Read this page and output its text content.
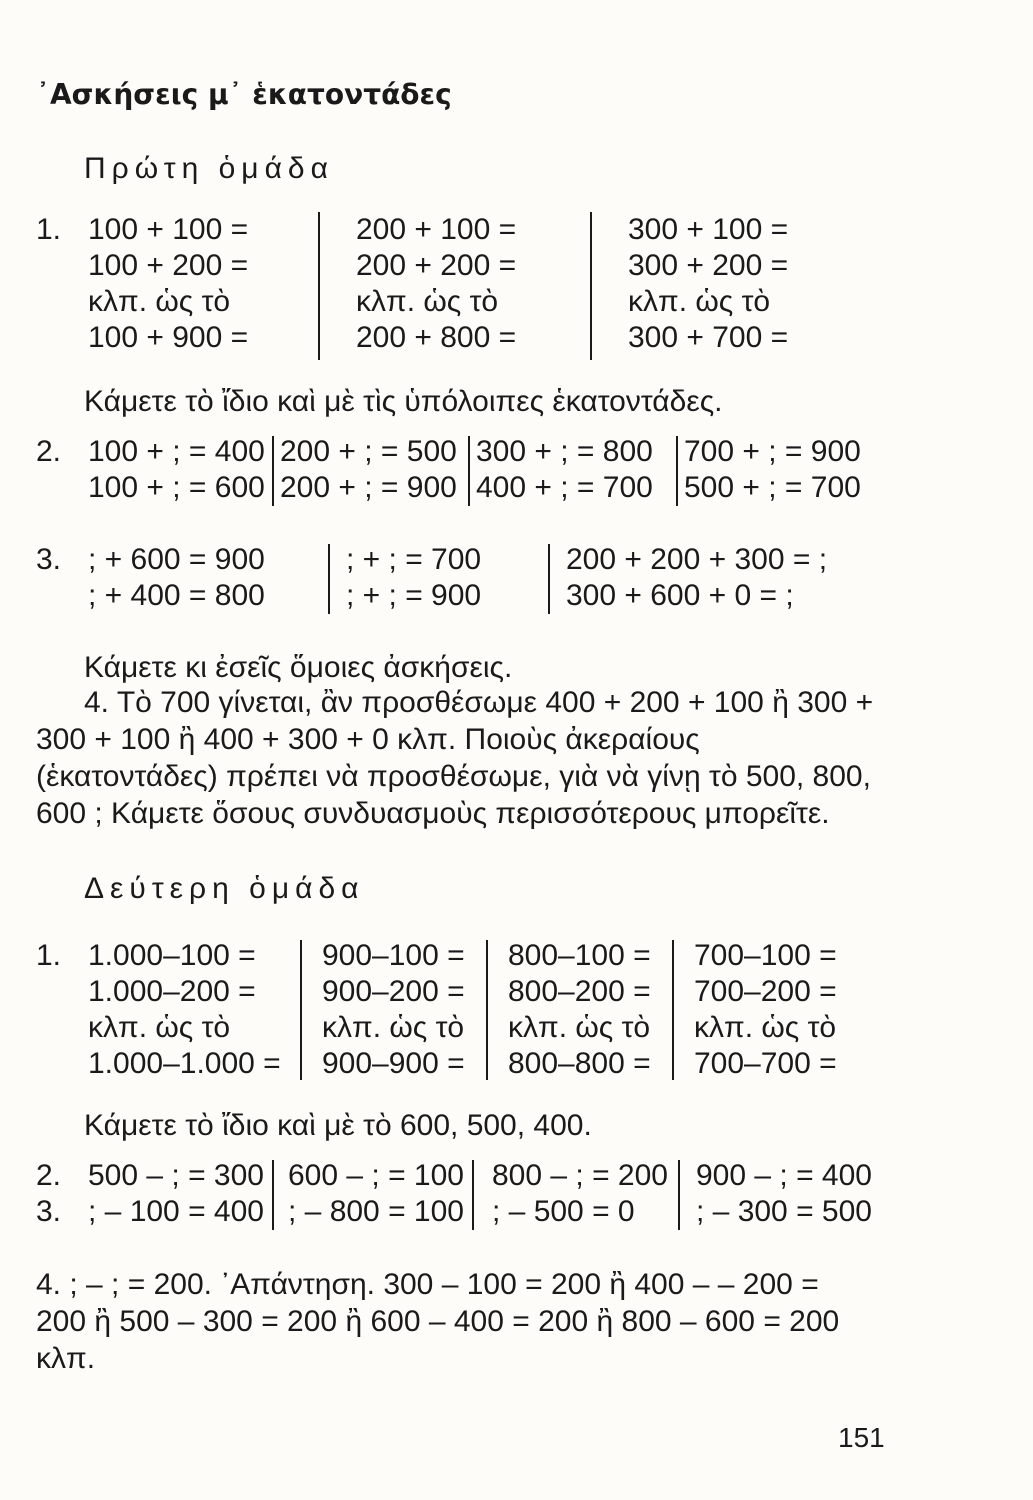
᾿Ασκήσεις μ᾿ ἑκατοντάδες
Πρώτη ὁμάδα
1. 100 + 100 =
100 + 200 =
κλπ. ὡς τὸ
100 + 900 =
200 + 100 =
200 + 200 =
κλπ. ὡς τὸ
200 + 800 =
300 + 100 =
300 + 200 =
κλπ. ὡς τὸ
300 + 700 =
Κάμετε τὸ ἴδιο καὶ μὲ τὶς ὑπόλοιπες ἑκατοντάδες.
2. 100 + ; = 400
100 + ; = 600
200 + ; = 500
200 + ; = 900
300 + ; = 800
400 + ; = 700
700 + ; = 900
500 + ; = 700
3. ; + 600 = 900
; + 400 = 800
; + ; = 700
; + ; = 900
200 + 200 + 300 = ;
300 + 600 + 0 = ;
Κάμετε κι ἐσεῖς ὅμοιες ἀσκήσεις.
4. Τὸ 700 γίνεται, ἂν προσθέσωμε 400 + 200 + 100 ἢ 300 + 300 + 100 ἢ 400 + 300 + 0 κλπ. Ποιοὺς ἀκεραίους (ἑκατοντάδες) πρέπει νὰ προσθέσωμε, γιὰ νὰ γίνῃ τὸ 500, 800, 600 ; Κάμετε ὅσους συνδυασμοὺς περισσότερους μπορεῖτε.
Δεύτερη ὁμάδα
1. 1.000–100 =
1.000–200 =
κλπ. ὡς τὸ
1.000–1.000 =
900–100 =
900–200 =
κλπ. ὡς τὸ
900–900 =
800–100 =
800–200 =
κλπ. ὡς τὸ
800–800 =
700–100 =
700–200 =
κλπ. ὡς τὸ
700–700 =
Κάμετε τὸ ἴδιο καὶ μὲ τὸ 600, 500, 400.
2.
3.
500 – ; = 300
; – 100 = 400
600 – ; = 100
; – 800 = 100
800 – ; = 200
; – 500 = 0
900 – ; = 400
; – 300 = 500
4. ; – ; = 200. ᾿Απάντηση. 300 – 100 = 200 ἢ 400 – – 200 = 200 ἢ 500 – 300 = 200 ἢ 600 – 400 = 200 ἢ 800 – 600 = 200 κλπ.
151
